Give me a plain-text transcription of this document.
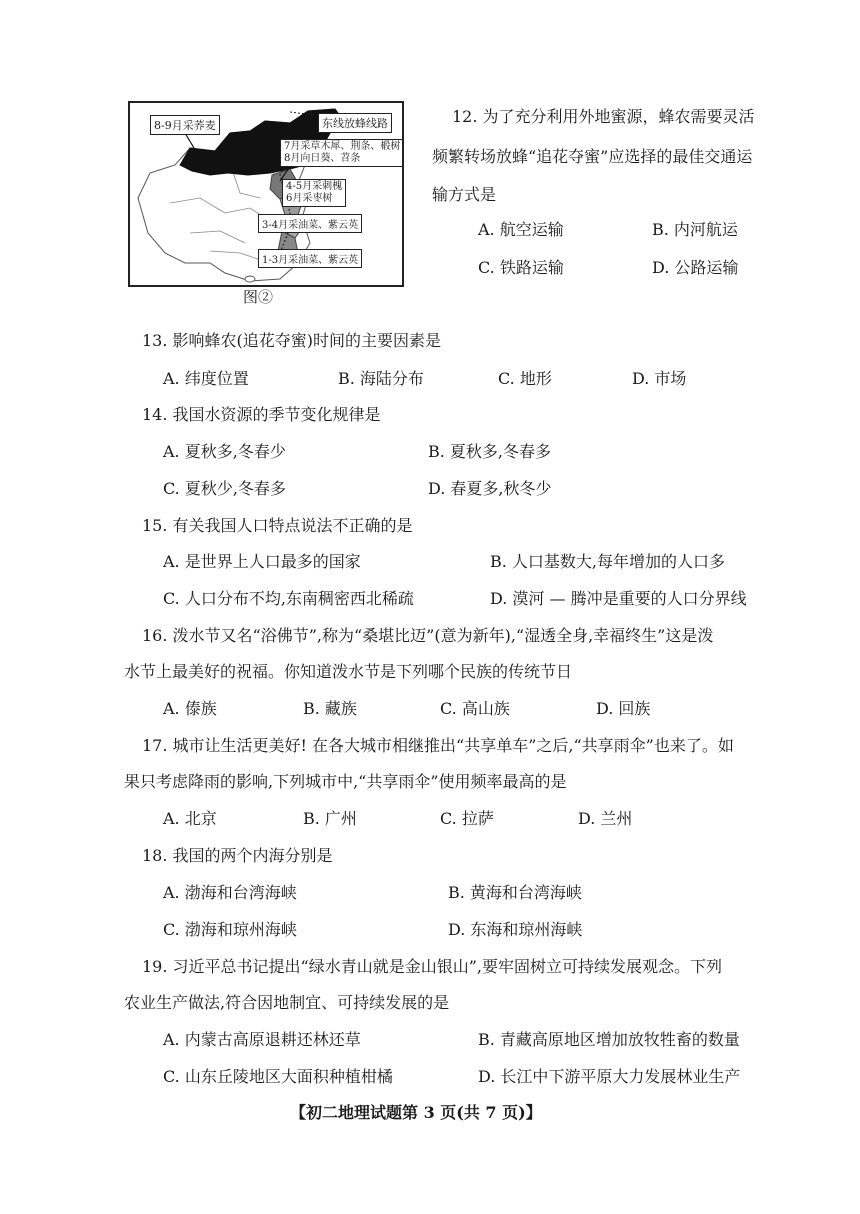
8-9月采荞麦	东线放蜂线路
7月采草木犀、荆条、椴树
8月向日葵、苕条
4-5月采刺槐
6月采枣树
3-4月采油菜、紫云英
1-3月采油菜、紫云英
图②
12. 为了充分利用外地蜜源，蜂农需要灵活
频繁转场放蜂“追花夺蜜”应选择的最佳交通运
输方式是
A. 航空运输	B. 内河航运
C. 铁路运输	D. 公路运输
13. 影响蜂农(追花夺蜜)时间的主要因素是
A. 纬度位置	B. 海陆分布	C. 地形	D. 市场
14. 我国水资源的季节变化规律是
A. 夏秋多,冬春少	B. 夏秋多,冬春多
C. 夏秋少,冬春多	D. 春夏多,秋冬少
15. 有关我国人口特点说法不正确的是
A. 是世界上人口最多的国家	B. 人口基数大,每年增加的人口多
C. 人口分布不均,东南稠密西北稀疏	D. 漠河 — 腾冲是重要的人口分界线
16. 泼水节又名“浴佛节”,称为“桑堪比迈”(意为新年),“湿透全身,幸福终生”这是泼
水节上最美好的祝福。你知道泼水节是下列哪个民族的传统节日
A. 傣族	B. 藏族	C. 高山族	D. 回族
17. 城市让生活更美好! 在各大城市相继推出“共享单车”之后,“共享雨伞”也来了。如
果只考虑降雨的影响,下列城市中,“共享雨伞”使用频率最高的是
A. 北京	B. 广州	C. 拉萨	D. 兰州
18. 我国的两个内海分别是
A. 渤海和台湾海峡	B. 黄海和台湾海峡
C. 渤海和琼州海峡	D. 东海和琼州海峡
19. 习近平总书记提出“绿水青山就是金山银山”,要牢固树立可持续发展观念。下列
农业生产做法,符合因地制宜、可持续发展的是
A. 内蒙古高原退耕还林还草	B. 青藏高原地区增加放牧牲畜的数量
C. 山东丘陵地区大面积种植柑橘	D. 长江中下游平原大力发展林业生产
【初二地理试题第 3 页(共 7 页)】
